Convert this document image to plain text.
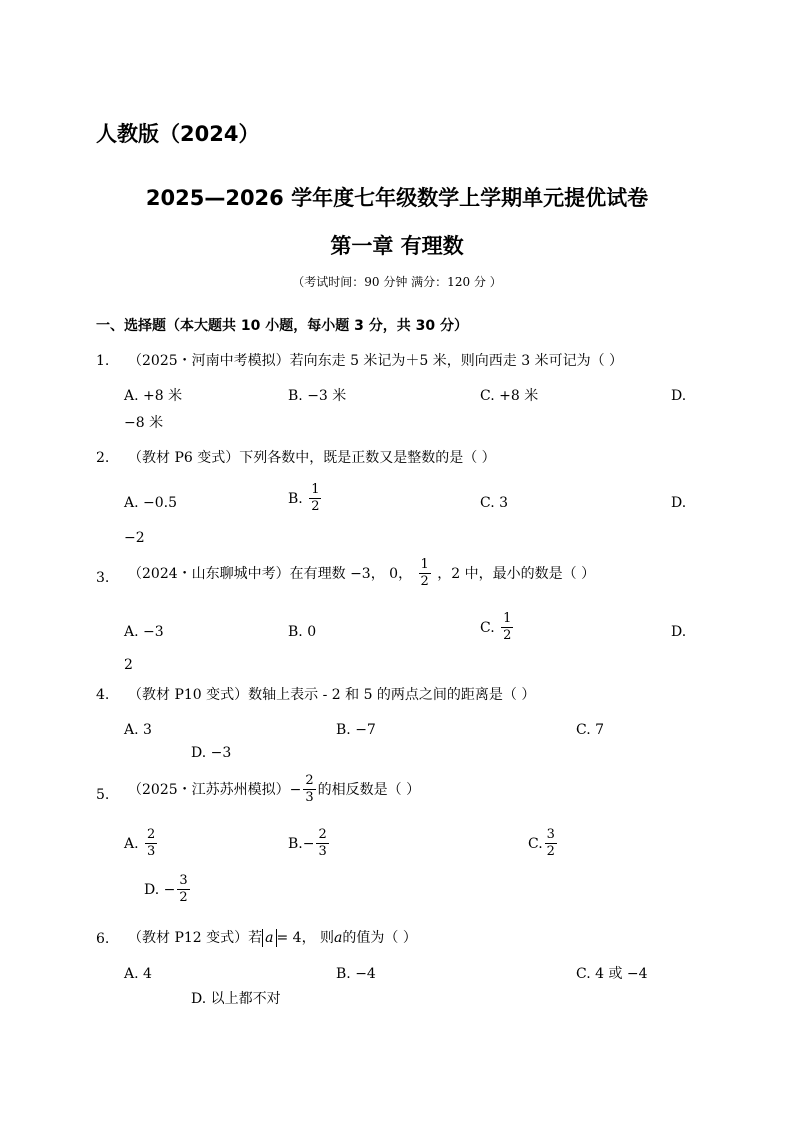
人教版（2024）
2025—2026 学年度七年级数学上学期单元提优试卷
第一章 有理数
（考试时间：90 分钟 满分：120 分 ）
一、选择题（本大题共 10 小题，每小题 3 分，共 30 分）
1. （2025・河南中考模拟）若向东走 5 米记为＋5 米，则向西走 3 米可记为（ ）
A. +8 米	B. −3 米	C. +8 米	D.
−8 米
2. （教材 P6 变式）下列各数中，既是正数又是整数的是（ ）
A. −0.5	B. $\frac{1}{2}$	C. 3	D.
−2
3. （2024・山东聊城中考）在有理数 −3， 0， $\frac{1}{2}$ ，2 中，最小的数是（ ）
A. −3	B. 0	C. $\frac{1}{2}$	D.
2
4. （教材 P10 变式）数轴上表示 - 2 和 5 的两点之间的距离是（ ）
A. 3	B. −7	C. 7
D. −3
5. （2025・江苏苏州模拟）− $\frac{2}{3}$ 的相反数是（ ）
A. $\frac{2}{3}$	$B.- \frac{2}{3}$	C. $\frac{3}{2}$
D. − $\frac{3}{2}$
6. （教材 P12 变式）若 a = 4， 则a的值为（ ）
A. 4	B. −4	C. 4 或 −4
D. 以上都不对
